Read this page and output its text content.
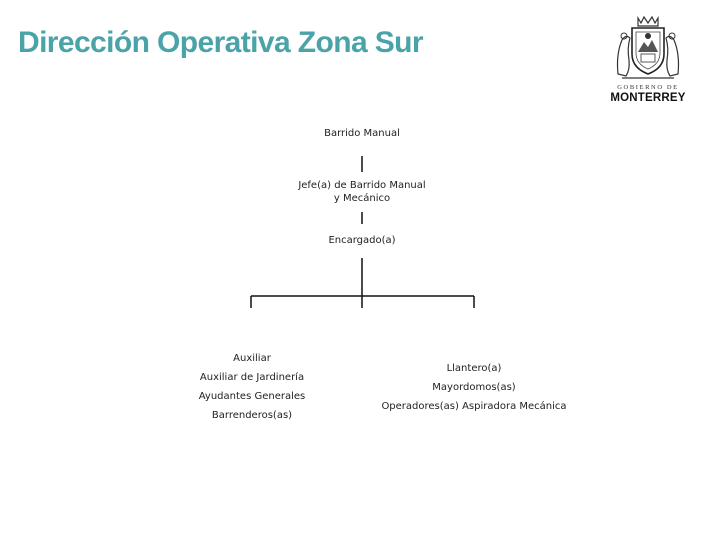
Dirección Operativa Zona Sur
GOBIERNO DE
MONTERREY
Barrido Manual
Jefe(a) de Barrido Manual
y Mecánico
Encargado(a)
Auxiliar
Auxiliar de Jardinería
Ayudantes Generales
Barrenderos(as)
Llantero(a)
Mayordomos(as)
Operadores(as) Aspiradora Mecánica
